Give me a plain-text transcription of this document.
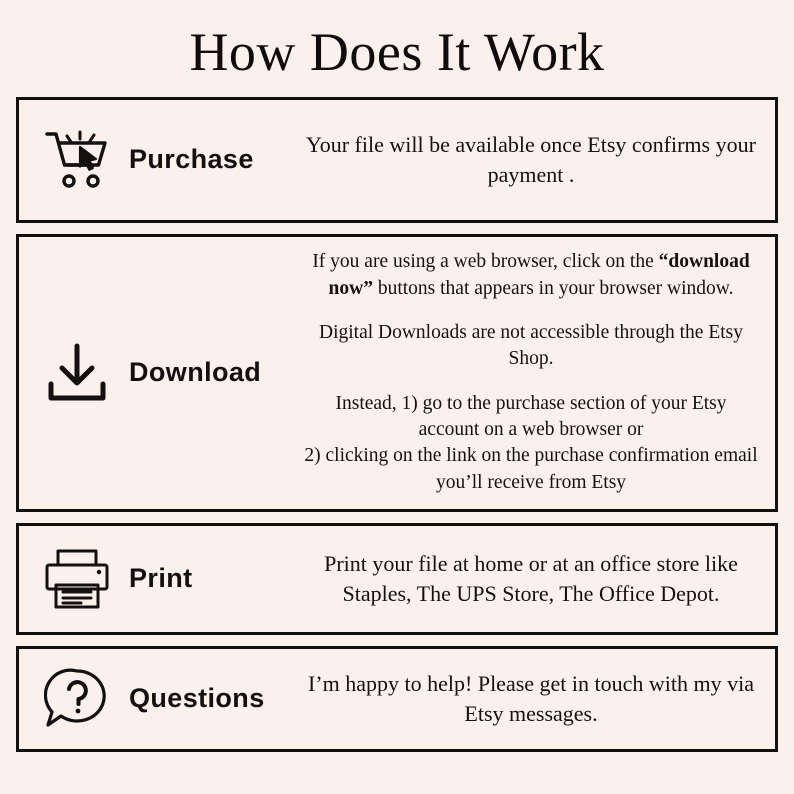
How Does It Work
Purchase Your file will be available once Etsy confirms your payment .

Download

If you are using a web browser, click on the “download now” buttons that appears in your browser window.

Digital Downloads are not accessible through the Etsy Shop.

Instead, 1) go to the purchase section of your Etsy account on a web browser or

2) clicking on the link on the purchase confirmation email you’ll receive from Etsy

Print	Print your file at home or at an office store like Staples, The UPS Store, The Office Depot.

Questions I’m happy to help! Please get in touch with my via Etsy messages.
